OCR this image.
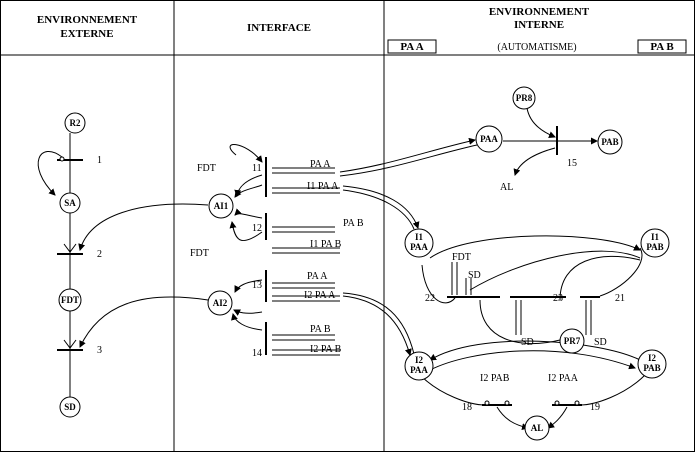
ENVIRONNEMENT
EXTERNE	INTERFACE
ENVIRONNEMENT
INTERNE
PA A	(AUTOMATISME)	PA B
R2
SA
FDT
SD
1
2
3
AI1
AI2
FDT
FDT
11
12
13
14
PA A
I1 PA A
PA B
I1 PA B
PA A
I2 PA A
PA B
I2 PA B
PR8
PAA	PAB
AL
15
I1
PAA
I1
PAB
I2
PAA
I2
PAB
PR7
AL
FDT
SD
22	23	21
SD	SD
I2 PAB	I2 PAA
18	19
